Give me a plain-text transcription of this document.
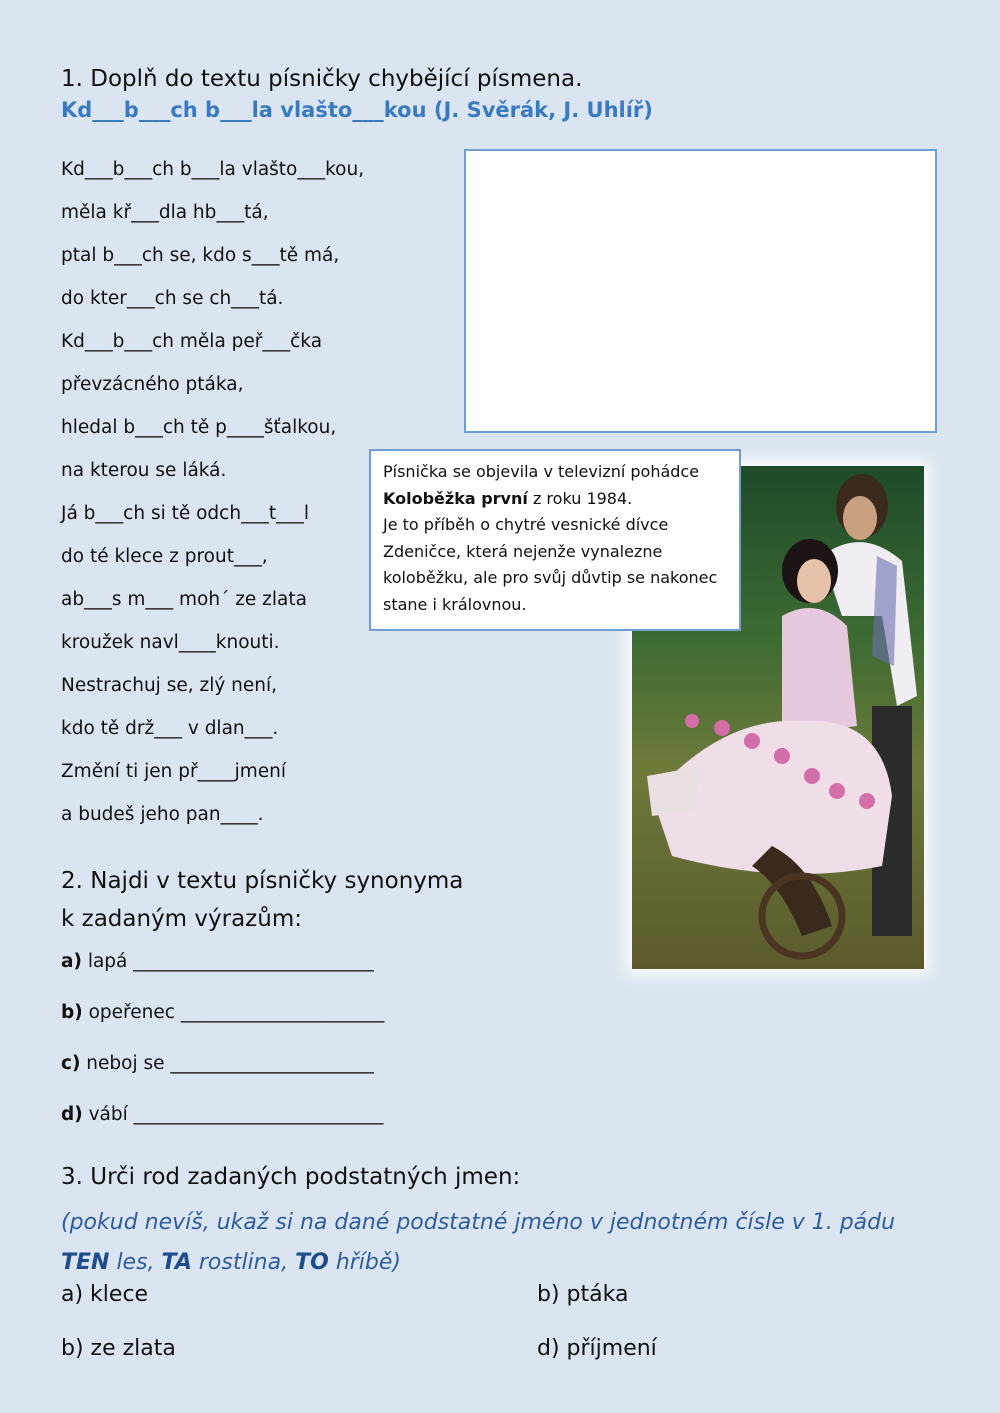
1. Doplň do textu písničky chybějící písmena.
Kd___b___ch b___la vlašto___kou (J. Svěrák, J. Uhlíř)
Kd___b___ch b___la vlašto___kou,
měla kř___dla hb___tá,
ptal b___ch se, kdo s___tě má,
do kter___ch se ch___tá.
Kd___b___ch měla peř___čka
převzácného ptáka,
hledal b___ch tě p____šťalkou,
na kterou se láká.
Já b___ch si tě odch___t___l
do té klece z prout___,
ab___s m___ moh´ ze zlata
kroužek navl____knouti.
Nestrachuj se, zlý není,
kdo tě drž___ v dlan___.
Změní ti jen př____jmení
a budeš jeho pan____.
Písnička se objevila v televizní pohádce
Koloběžka první z roku 1984.
Je to příběh o chytré vesnické dívce Zdeničce, která nejenže vynalezne koloběžku, ale pro svůj důvtip se nakonec stane i královnou.
2. Najdi v textu písničky synonyma
k zadaným výrazům:
a) lapá __________________________
b) opeřenec ______________________
c) neboj se ______________________
d) vábí ___________________________
3. Urči rod zadaných podstatných jmen:
(pokud nevíš, ukaž si na dané podstatné jméno v jednotném čísle v 1. pádu
TEN les, TA rostlina, TO hříbě)
a) klece	b) ptáka
b) ze zlata	d) příjmení
